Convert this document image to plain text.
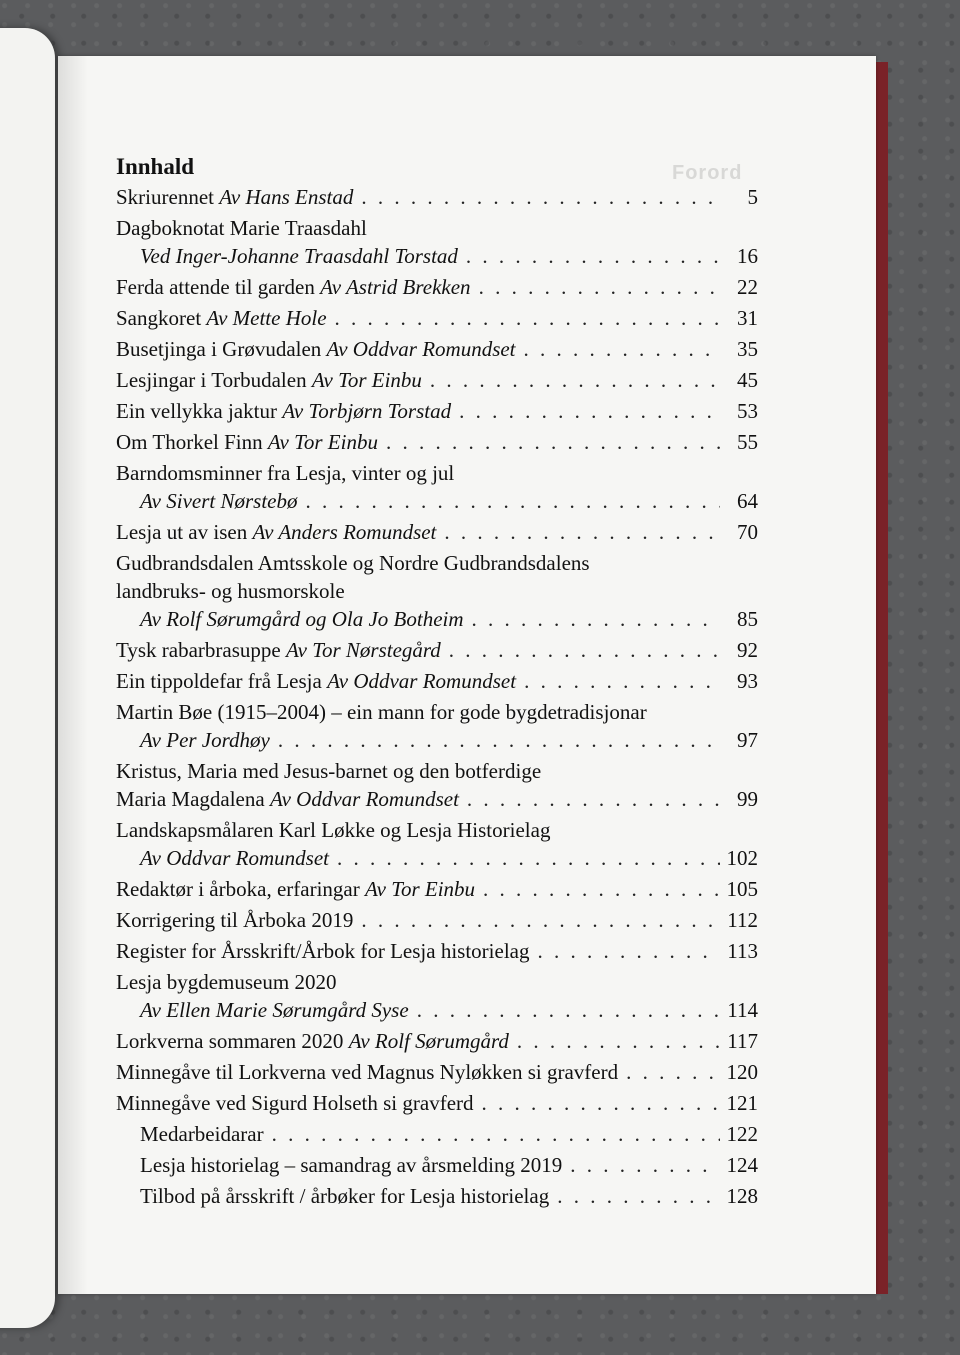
Forord
Innhald
Skriurennet Av Hans Enstad . . .	5
Dagboknotat Marie Traasdahl
Ved Inger-Johanne Traasdahl Torstad . . .	16
Ferda attende til garden Av Astrid Brekken . . .	22
Sangkoret Av Mette Hole . . .	31
Busetjinga i Grøvudalen Av Oddvar Romundset . . .	35
Lesjingar i Torbudalen Av Tor Einbu . . .	45
Ein vellykka jaktur Av Torbjørn Torstad . . .	53
Om Thorkel Finn Av Tor Einbu . . .	55
Barndomsminner fra Lesja, vinter og jul
Av Sivert Nørstebø . . .	64
Lesja ut av isen Av Anders Romundset . . .	70
Gudbrandsdalen Amtsskole og Nordre Gudbrandsdalens
landbruks- og husmorskole
Av Rolf Sørumgård og Ola Jo Botheim . . .	85
Tysk rabarbrasuppe Av Tor Nørstegård . . .	92
Ein tippoldefar frå Lesja Av Oddvar Romundset . . .	93
Martin Bøe (1915–2004) – ein mann for gode bygdetradisjonar
Av Per Jordhøy . . .	97
Kristus, Maria med Jesus-barnet og den botferdige
Maria Magdalena Av Oddvar Romundset . . .	99
Landskapsmålaren Karl Løkke og Lesja Historielag
Av Oddvar Romundset . . .	102
Redaktør i årboka, erfaringar Av Tor Einbu . . .	105
Korrigering til Årboka 2019 . . .	112
Register for Årsskrift/Årbok for Lesja historielag . . .	113
Lesja bygdemuseum 2020
Av Ellen Marie Sørumgård Syse . . .	114
Lorkverna sommaren 2020 Av Rolf Sørumgård . . .	117
Minnegåve til Lorkverna ved Magnus Nyløkken si gravferd . . .	120
Minnegåve ved Sigurd Holseth si gravferd . . .	121
Medarbeidarar . . .	122
Lesja historielag – samandrag av årsmelding 2019 . . .	124
Tilbod på årsskrift / årbøker for Lesja historielag . . .	128
